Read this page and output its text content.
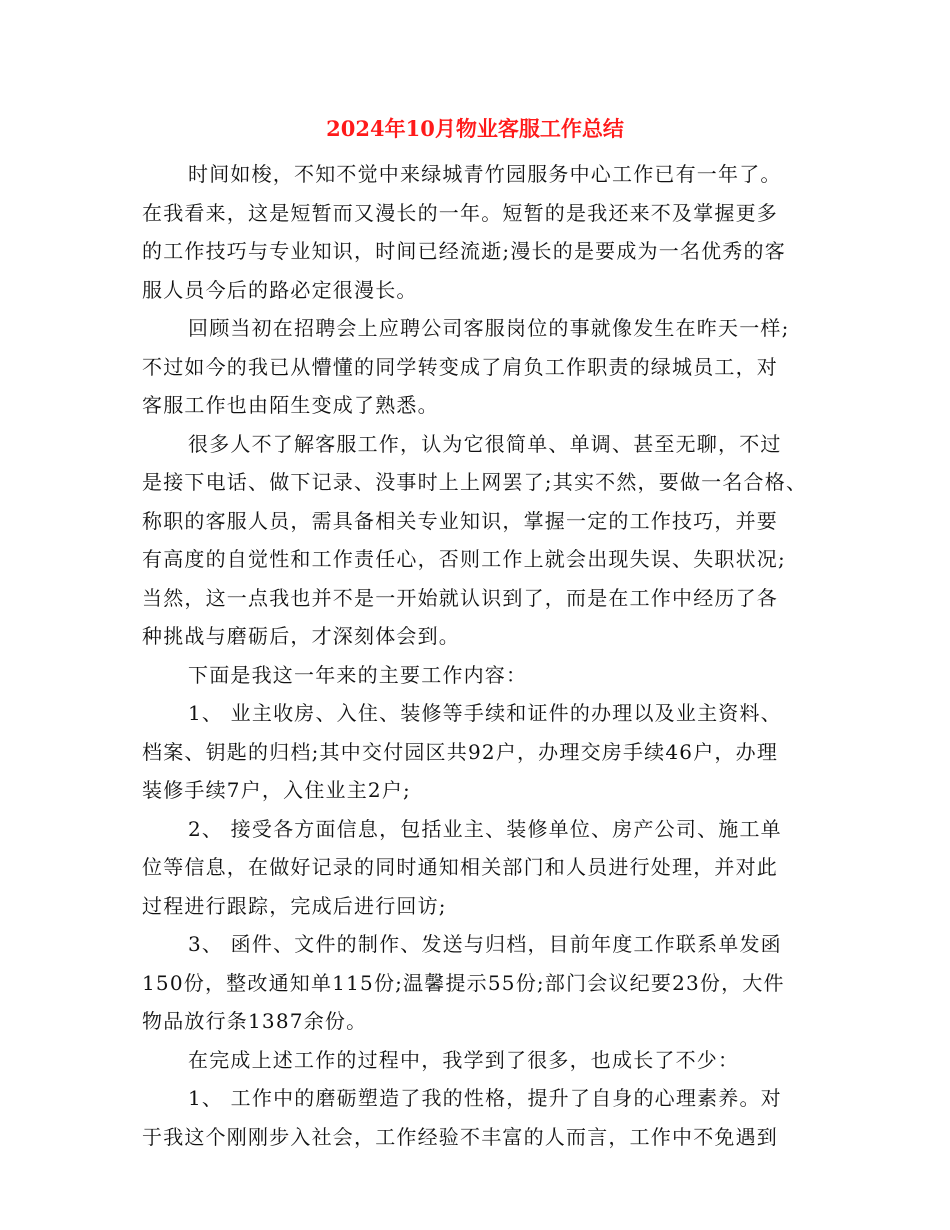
2024年10月物业客服工作总结
时间如梭，不知不觉中来绿城青竹园服务中心工作已有一年了。
在我看来，这是短暂而又漫长的一年。短暂的是我还来不及掌握更多
的工作技巧与专业知识，时间已经流逝;漫长的是要成为一名优秀的客
服人员今后的路必定很漫长。
回顾当初在招聘会上应聘公司客服岗位的事就像发生在昨天一样;
不过如今的我已从懵懂的同学转变成了肩负工作职责的绿城员工，对
客服工作也由陌生变成了熟悉。
很多人不了解客服工作，认为它很简单、单调、甚至无聊，不过
是接下电话、做下记录、没事时上上网罢了;其实不然，要做一名合格、
称职的客服人员，需具备相关专业知识，掌握一定的工作技巧，并要
有高度的自觉性和工作责任心，否则工作上就会出现失误、失职状况;
当然，这一点我也并不是一开始就认识到了，而是在工作中经历了各
种挑战与磨砺后，才深刻体会到。
下面是我这一年来的主要工作内容：
1、 业主收房、入住、装修等手续和证件的办理以及业主资料、
档案、钥匙的归档;其中交付园区共92户，办理交房手续46户，办理
装修手续7户，入住业主2户;
2、 接受各方面信息，包括业主、装修单位、房产公司、施工单
位等信息，在做好记录的同时通知相关部门和人员进行处理，并对此
过程进行跟踪，完成后进行回访;
3、 函件、文件的制作、发送与归档，目前年度工作联系单发函
150份，整改通知单115份;温馨提示55份;部门会议纪要23份，大件
物品放行条1387余份。
在完成上述工作的过程中，我学到了很多，也成长了不少：
1、 工作中的磨砺塑造了我的性格，提升了自身的心理素养。对
于我这个刚刚步入社会，工作经验不丰富的人而言，工作中不免遇到
